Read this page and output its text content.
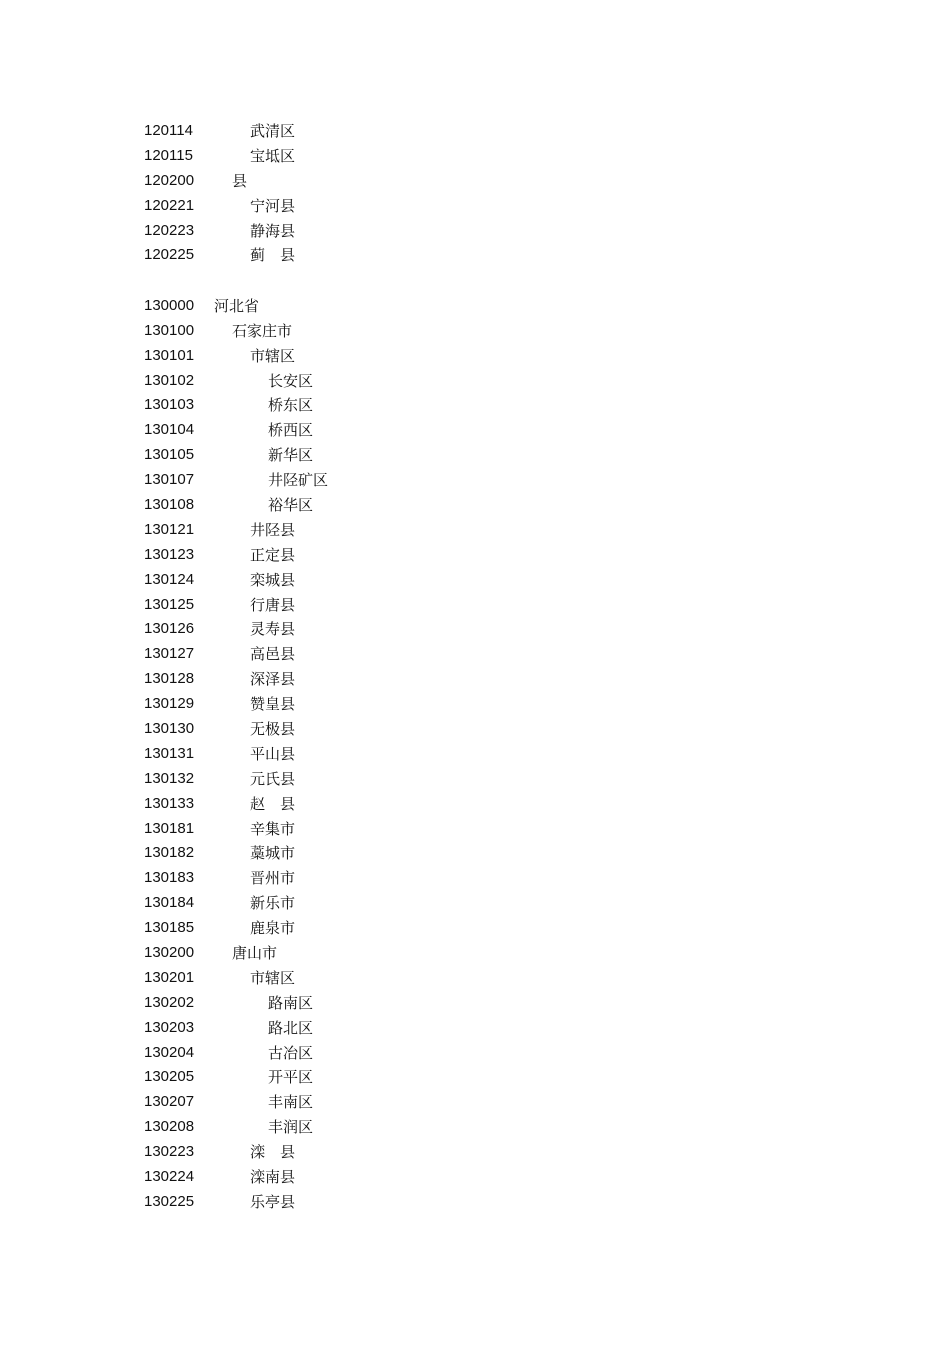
120114	武清区
120115	宝坻区
120200	县
120221	宁河县
120223	静海县
120225	蓟　县
130000 河北省
130100	石家庄市
130101	市辖区
130102	长安区
130103	桥东区
130104	桥西区
130105	新华区
130107	井陉矿区
130108	裕华区
130121	井陉县
130123	正定县
130124	栾城县
130125	行唐县
130126	灵寿县
130127	高邑县
130128	深泽县
130129	赞皇县
130130	无极县
130131	平山县
130132	元氏县
130133	赵　县
130181	辛集市
130182	藁城市
130183	晋州市
130184	新乐市
130185	鹿泉市
130200	唐山市
130201	市辖区
130202	路南区
130203	路北区
130204	古冶区
130205	开平区
130207	丰南区
130208	丰润区
130223	滦　县
130224	滦南县
130225	乐亭县
